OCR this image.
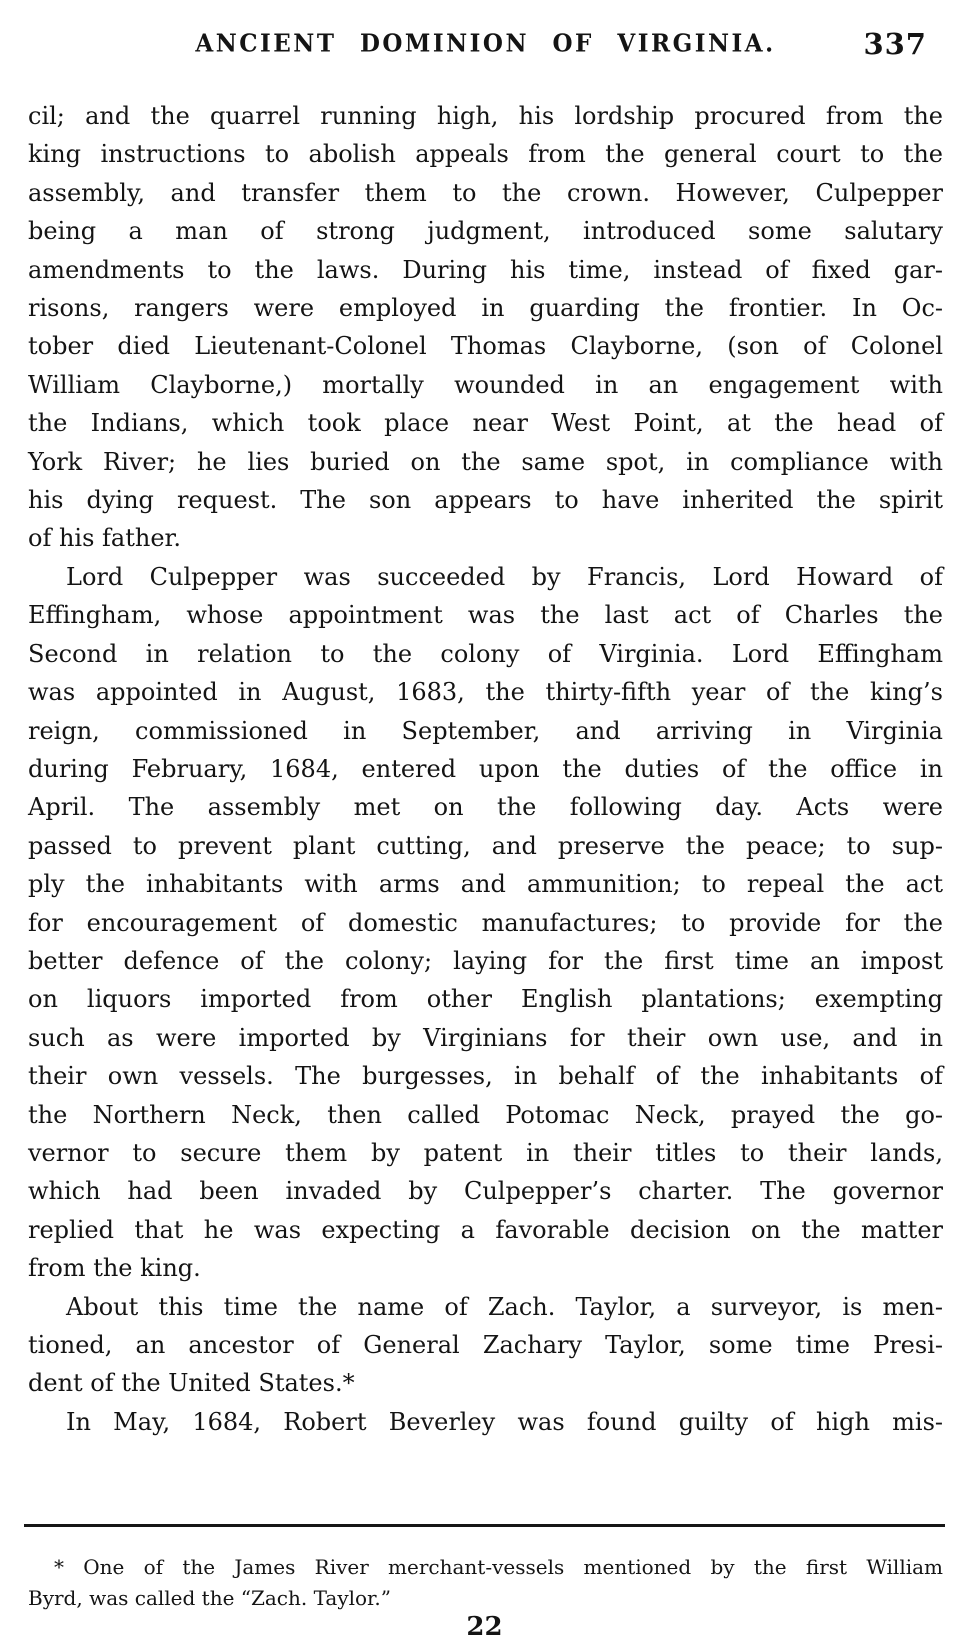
ANCIENT DOMINION OF VIRGINIA.	337
cil; and the quarrel running high, his lordship procured from the
king instructions to abolish appeals from the general court to the
assembly, and transfer them to the crown. However, Culpepper
being a man of strong judgment, introduced some salutary
amendments to the laws. During his time, instead of fixed gar-
risons, rangers were employed in guarding the frontier. In Oc-
tober died Lieutenant-Colonel Thomas Clayborne, (son of Colonel
William Clayborne,) mortally wounded in an engagement with
the Indians, which took place near West Point, at the head of
York River; he lies buried on the same spot, in compliance with
his dying request. The son appears to have inherited the spirit
of his father.
Lord Culpepper was succeeded by Francis, Lord Howard of
Effingham, whose appointment was the last act of Charles the
Second in relation to the colony of Virginia. Lord Effingham
was appointed in August, 1683, the thirty-fifth year of the king’s
reign, commissioned in September, and arriving in Virginia
during February, 1684, entered upon the duties of the office in
April. The assembly met on the following day. Acts were
passed to prevent plant cutting, and preserve the peace; to sup-
ply the inhabitants with arms and ammunition; to repeal the act
for encouragement of domestic manufactures; to provide for the
better defence of the colony; laying for the first time an impost
on liquors imported from other English plantations; exempting
such as were imported by Virginians for their own use, and in
their own vessels. The burgesses, in behalf of the inhabitants of
the Northern Neck, then called Potomac Neck, prayed the go-
vernor to secure them by patent in their titles to their lands,
which had been invaded by Culpepper’s charter. The governor
replied that he was expecting a favorable decision on the matter
from the king.
About this time the name of Zach. Taylor, a surveyor, is men-
tioned, an ancestor of General Zachary Taylor, some time Presi-
dent of the United States.*
In May, 1684, Robert Beverley was found guilty of high mis-
* One of the James River merchant-vessels mentioned by the first William
Byrd, was called the “Zach. Taylor.”
22
